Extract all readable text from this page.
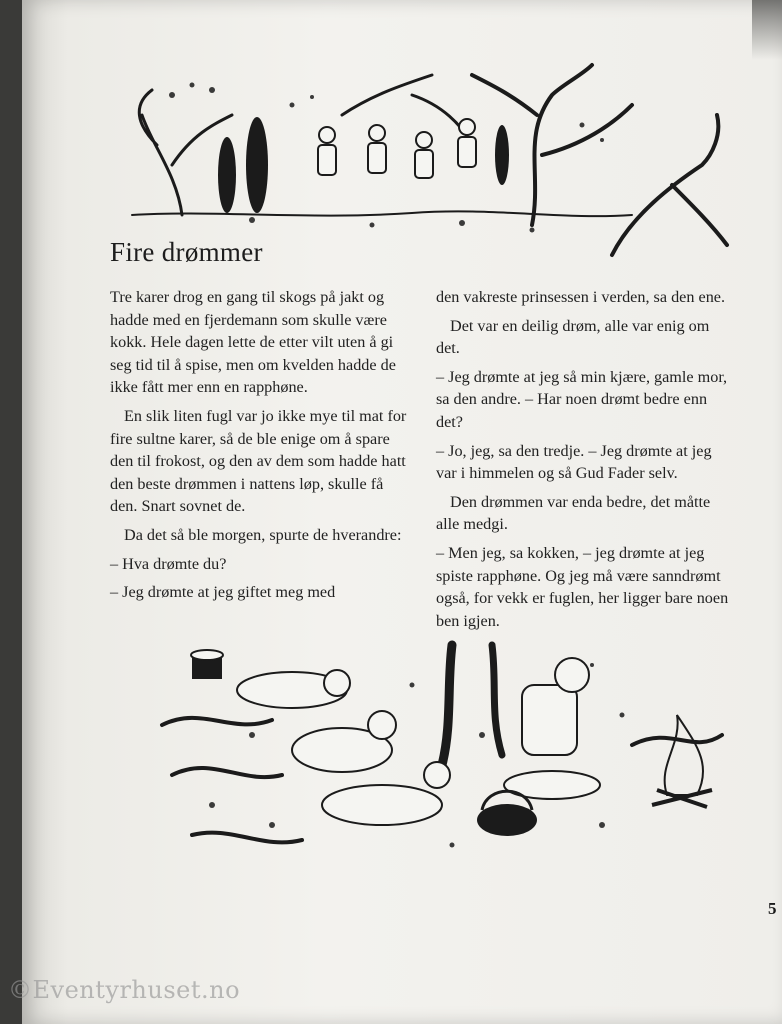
Fire drømmer

Tre karer drog en gang til skogs på jakt og hadde med en fjerdemann som skulle være kokk. Hele dagen lette de etter vilt uten å gi seg tid til å spise, men om kvelden hadde de ikke fått mer enn en rapphøne.

En slik liten fugl var jo ikke mye til mat for fire sultne karer, så de ble enige om å spare den til frokost, og den av dem som hadde hatt den beste drømmen i nattens løp, skulle få den. Snart sovnet de.

Da det så ble morgen, spurte de hverandre:

– Hva drømte du?

– Jeg drømte at jeg giftet meg med

den vakreste prinsessen i verden, sa den ene.

Det var en deilig drøm, alle var enig om det.

– Jeg drømte at jeg så min kjære, gamle mor, sa den andre. – Har noen drømt bedre enn det?

– Jo, jeg, sa den tredje. – Jeg drømte at jeg var i himmelen og så Gud Fader selv.

Den drømmen var enda bedre, det måtte alle medgi.

– Men jeg, sa kokken, – jeg drømte at jeg spiste rapphøne. Og jeg må være sanndrømt også, for vekk er fuglen, her ligger bare noen ben igjen.

5
©Eventyrhuset.no
